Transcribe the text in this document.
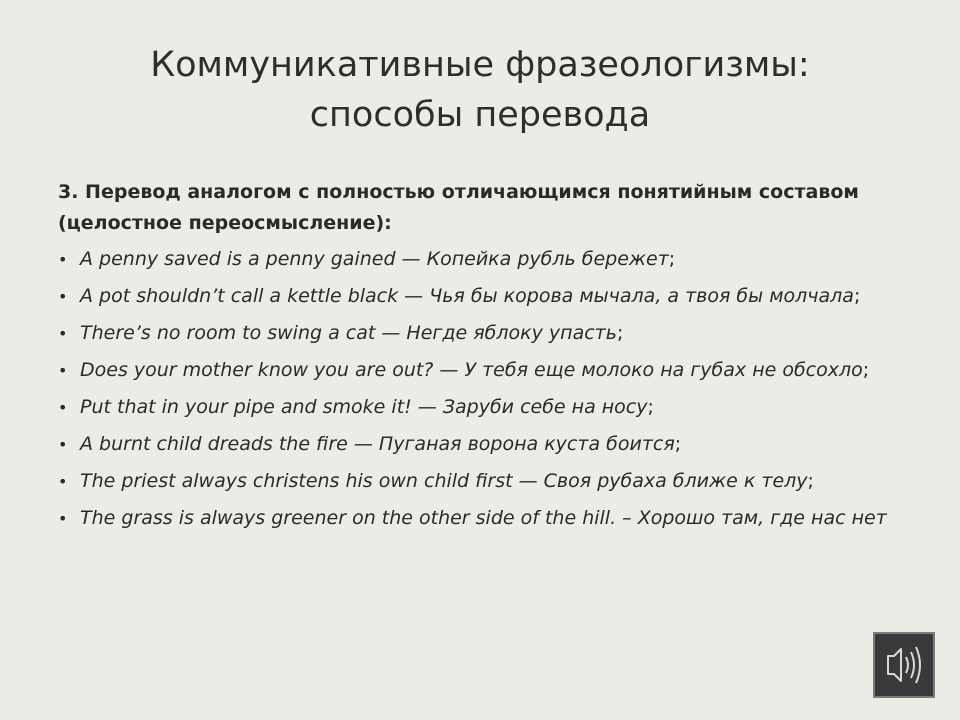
Коммуникативные фразеологизмы:
способы перевода

3. Перевод аналогом с полностью отличающимся понятийным составом (целостное переосмысление):

• A penny saved is a penny gained — Копейка рубль бережет;
• A pot shouldn’t call a kettle black — Чья бы корова мычала, а твоя бы молчала;
• There’s no room to swing a cat — Негде яблоку упасть;
• Does your mother know you are out? — У тебя еще молоко на губах не обсохло;
• Put that in your pipe and smoke it! — Заруби себе на носу;
• A burnt child dreads the fire — Пуганая ворона куста боится;
• The priest always christens his own child first — Своя рубаха ближе к телу;
• The grass is always greener on the other side of the hill. – Хорошо там, где нас нет
